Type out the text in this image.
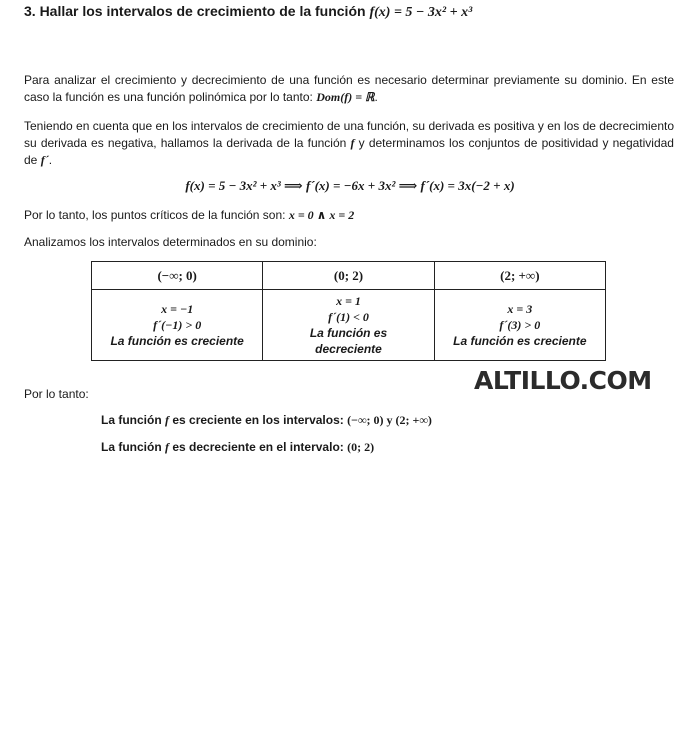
3. Hallar los intervalos de crecimiento de la función f(x) = 5 − 3x² + x³

Para analizar el crecimiento y decrecimiento de una función es necesario determinar previamente su dominio. En este caso la función es una función polinómica por lo tanto: Dom(f) = ℝ.

Teniendo en cuenta que en los intervalos de crecimiento de una función, su derivada es positiva y en los de decrecimiento su derivada es negativa, hallamos la derivada de la función f y determinamos los conjuntos de positividad y negatividad de f´.

f(x) = 5 − 3x² + x³ ⟹ f´(x) = −6x + 3x² ⟹ f´(x) = 3x(−2 + x)

Por lo tanto, los puntos críticos de la función son: x = 0 ∧ x = 2

Analizamos los intervalos determinados en su dominio:

(−∞; 0)	(0; 2)	(2; +∞)

x = −1
f´(−1) > 0
La función es creciente	x = 1
f´(1) < 0
La función es
decreciente	x = 3
f´(3) > 0
La función es creciente
ALTILLO.COM

Por lo tanto:

La función f es creciente en los intervalos: (−∞; 0) y (2; +∞)

La función f es decreciente en el intervalo: (0; 2)
